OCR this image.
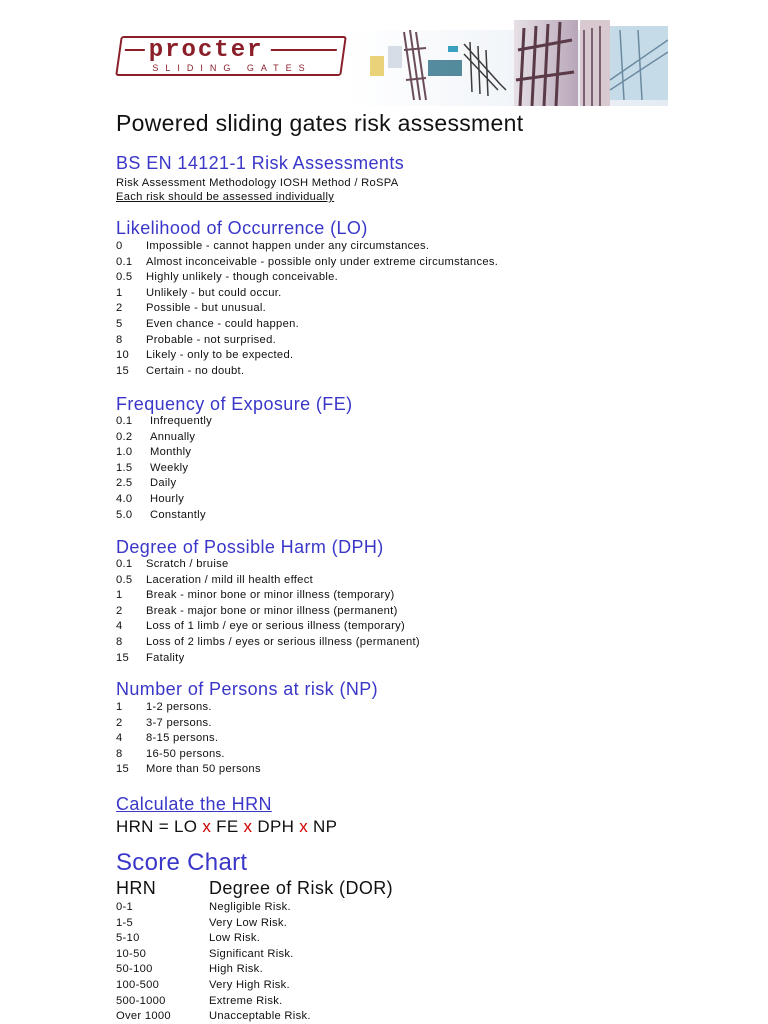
procter
SLIDING GATES
Powered sliding gates risk assessment
BS EN 14121-1 Risk Assessments
Risk Assessment Methodology IOSH Method / RoSPA
Each risk should be assessed individually
Likelihood of Occurrence (LO)
0 Impossible - cannot happen under any circumstances.
0.1 Almost inconceivable - possible only under extreme circumstances.
0.5 Highly unlikely - though conceivable.
1 Unlikely - but could occur.
2 Possible - but unusual.
5 Even chance - could happen.
8 Probable - not surprised.
10 Likely - only to be expected.
15 Certain - no doubt.
Frequency of Exposure (FE)
0.1 Infrequently
0.2 Annually
1.0 Monthly
1.5 Weekly
2.5 Daily
4.0 Hourly
5.0 Constantly
Degree of Possible Harm (DPH)
0.1 Scratch / bruise
0.5 Laceration / mild ill health effect
1 Break - minor bone or minor illness (temporary)
2 Break - major bone or minor illness (permanent)
4 Loss of 1 limb / eye or serious illness (temporary)
8 Loss of 2 limbs / eyes or serious illness (permanent)
15 Fatality
Number of Persons at risk (NP)
1 1-2 persons.
2 3-7 persons.
4 8-15 persons.
8 16-50 persons.
15 More than 50 persons
Calculate the HRN
HRN = LO x FE x DPH x NP
Score Chart
HRN	Degree of Risk (DOR)
0-1	Negligible Risk.
1-5	Very Low Risk.
5-10	Low Risk.
10-50	Significant Risk.
50-100	High Risk.
100-500	Very High Risk.
500-1000	Extreme Risk.
Over 1000	Unacceptable Risk.
